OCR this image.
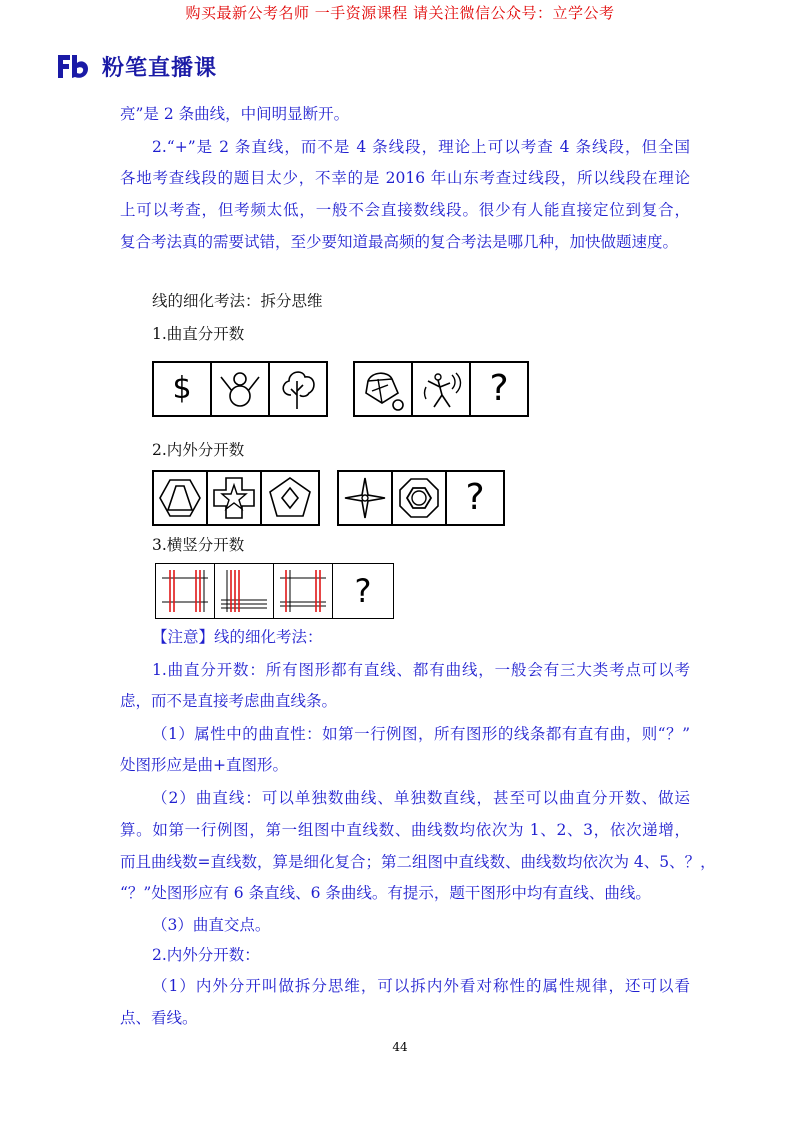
购买最新公考名师 一手资源课程 请关注微信公众号：立学公考
粉笔直播课
亮”是 2 条曲线，中间明显断开。
2.“+”是 2 条直线，而不是 4 条线段，理论上可以考查 4 条线段，但全国
各地考查线段的题目太少，不幸的是 2016 年山东考查过线段，所以线段在理论
上可以考查，但考频太低，一般不会直接数线段。很少有人能直接定位到复合，
复合考法真的需要试错，至少要知道最高频的复合考法是哪几种，加快做题速度。
线的细化考法：拆分思维
1.曲直分开数
$	?
2.内外分开数
?
3.横竖分开数
?
【注意】线的细化考法：
1.曲直分开数：所有图形都有直线、都有曲线，一般会有三大类考点可以考
虑，而不是直接考虑曲直线条。
（1）属性中的曲直性：如第一行例图，所有图形的线条都有直有曲，则“？”
处图形应是曲+直图形。
（2）曲直线：可以单独数曲线、单独数直线，甚至可以曲直分开数、做运
算。如第一行例图，第一组图中直线数、曲线数均依次为 1、2、3，依次递增，
而且曲线数=直线数，算是细化复合；第二组图中直线数、曲线数均依次为 4、5、？，
“？”处图形应有 6 条直线、6 条曲线。有提示，题干图形中均有直线、曲线。
（3）曲直交点。
2.内外分开数：
（1）内外分开叫做拆分思维，可以拆内外看对称性的属性规律，还可以看
点、看线。
44
